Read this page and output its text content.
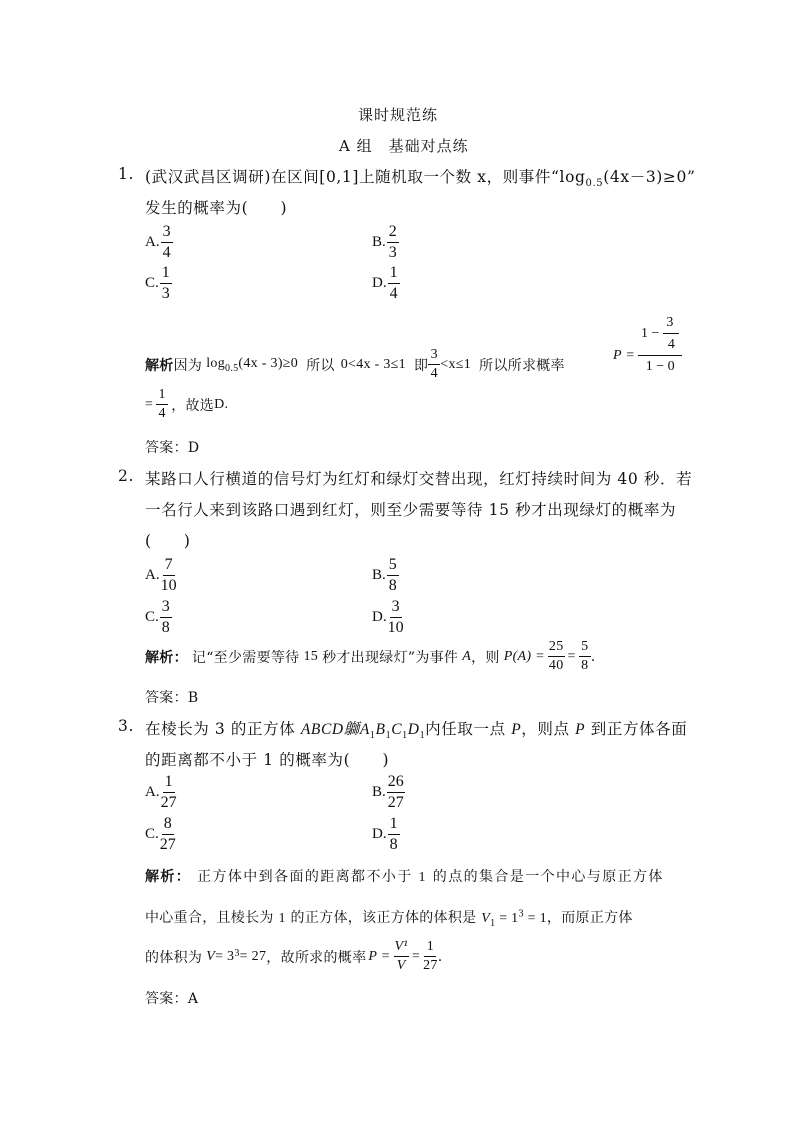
课时规范练
A 组　基础对点练
1. (武汉武昌区调研)在区间[0,1]上随机取一个数 x，则事件“$\log_{0.5}(4x-3)\ge 0$”
发生的概率为(　　)
A. $\frac{3}{4}$	B. $\frac{2}{3}$
C. $\frac{1}{3}$	D. $\frac{1}{4}$
解析 因为 $\log_{0.5}(4x - 3)\ge 0$ 所以 0<4x - 3≤1 即 $\frac{3}{4} <x\le 1$ 所以所求概率
$P = \frac{1 - \frac{3}{4}}{1 - 0}$
= $\frac{1}{4}$ ，故选 D.
答案：D
2. 某路口人行横道的信号灯为红灯和绿灯交替出现，红灯持续时间为 40 秒．若
一名行人来到该路口遇到红灯，则至少需要等待 15 秒才出现绿灯的概率为
(　　)
A. $\frac{7}{10}$	B. $\frac{5}{8}$
C. $\frac{3}{8}$	D. $\frac{3}{10}$
解析： 记“至少需要等待 15 秒才出现绿灯”为事件 A ，则 $P(A) = \frac{25}{40} = \frac{5}{8}$ .
答案：B
3. 在棱长为 3 的正方体 ABCD鶳$A_1B_1C_1D_1$内任取一点 P，则点 P 到正方体各面
的距离都不小于 1 的概率为(　　)
A. $\frac{1}{27}$	B. $\frac{26}{27}$
C. $\frac{8}{27}$	D. $\frac{1}{8}$
解析： 正方体中到各面的距离都不小于 1 的点的集合是一个中心与原正方体
中心重合，且棱长为 1 的正方体，该正方体的体积是 $V_1 = 1^3 = 1$，而原正方体
的体积为 $V = 3^3 = 27$ ，故所求的概率 $P = \frac{\text{V¹}}{V} = \frac{1}{27}$ .
答案：A
